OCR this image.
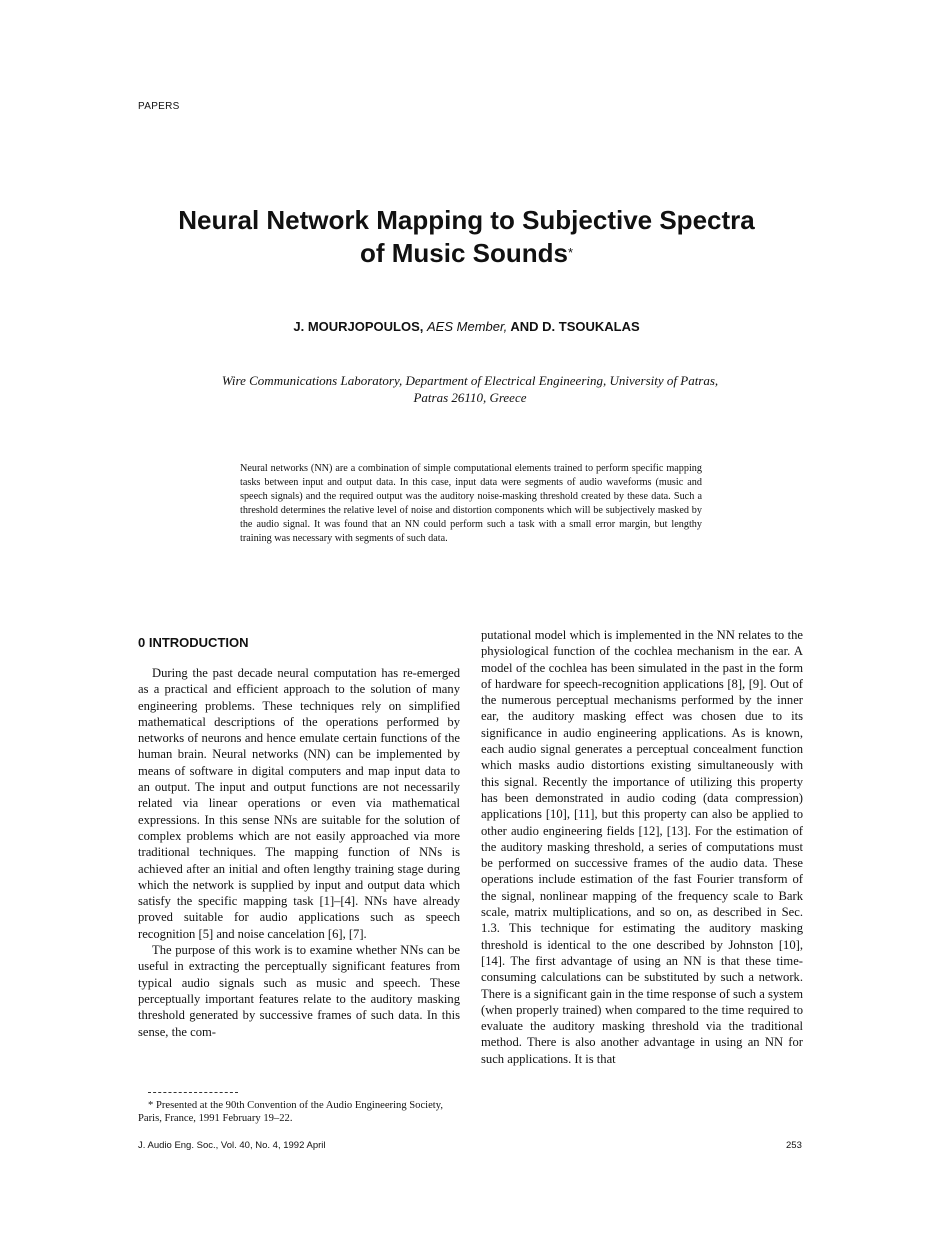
PAPERS
Neural Network Mapping to Subjective Spectra
of Music Sounds*
J. MOURJOPOULOS, AES Member, AND D. TSOUKALAS
Wire Communications Laboratory, Department of Electrical Engineering, University of Patras,
Patras 26110, Greece
Neural networks (NN) are a combination of simple computational elements trained to perform specific mapping tasks between input and output data. In this case, input data were segments of audio waveforms (music and speech signals) and the required output was the auditory noise-masking threshold created by these data. Such a threshold determines the relative level of noise and distortion components which will be subjectively masked by the audio signal. It was found that an NN could perform such a task with a small error margin, but lengthy training was necessary with segments of such data.
0 INTRODUCTION

During the past decade neural computation has re-emerged as a practical and efficient approach to the solution of many engineering problems. These techniques rely on simplified mathematical descriptions of the operations performed by networks of neurons and hence emulate certain functions of the human brain. Neural networks (NN) can be implemented by means of software in digital computers and map input data to an output. The input and output functions are not necessarily related via linear operations or even via mathematical expressions. In this sense NNs are suitable for the solution of complex problems which are not easily approached via more traditional techniques. The mapping function of NNs is achieved after an initial and often lengthy training stage during which the network is supplied by input and output data which satisfy the specific mapping task [1]–[4]. NNs have already proved suitable for audio applications such as speech recognition [5] and noise cancelation [6], [7].

The purpose of this work is to examine whether NNs can be useful in extracting the perceptually significant features from typical audio signals such as music and speech. These perceptually important features relate to the auditory masking threshold generated by successive frames of such data. In this sense, the com-

putational model which is implemented in the NN relates to the physiological function of the cochlea mechanism in the ear. A model of the cochlea has been simulated in the past in the form of hardware for speech-recognition applications [8], [9]. Out of the numerous perceptual mechanisms performed by the inner ear, the auditory masking effect was chosen due to its significance in audio engineering applications. As is known, each audio signal generates a perceptual concealment function which masks audio distortions existing simultaneously with this signal. Recently the importance of utilizing this property has been demonstrated in audio coding (data compression) applications [10], [11], but this property can also be applied to other audio engineering fields [12], [13]. For the estimation of the auditory masking threshold, a series of computations must be performed on successive frames of the audio data. These operations include estimation of the fast Fourier transform of the signal, nonlinear mapping of the frequency scale to Bark scale, matrix multiplications, and so on, as described in Sec. 1.3. This technique for estimating the auditory masking threshold is identical to the one described by Johnston [10], [14]. The first advantage of using an NN is that these time-consuming calculations can be substituted by such a network. There is a significant gain in the time response of such a system (when properly trained) when compared to the time required to evaluate the auditory masking threshold via the traditional method. There is also another advantage in using an NN for such applications. It is that

* Presented at the 90th Convention of the Audio Engineering Society, Paris, France, 1991 February 19–22.
J. Audio Eng. Soc., Vol. 40, No. 4, 1992 April	253
